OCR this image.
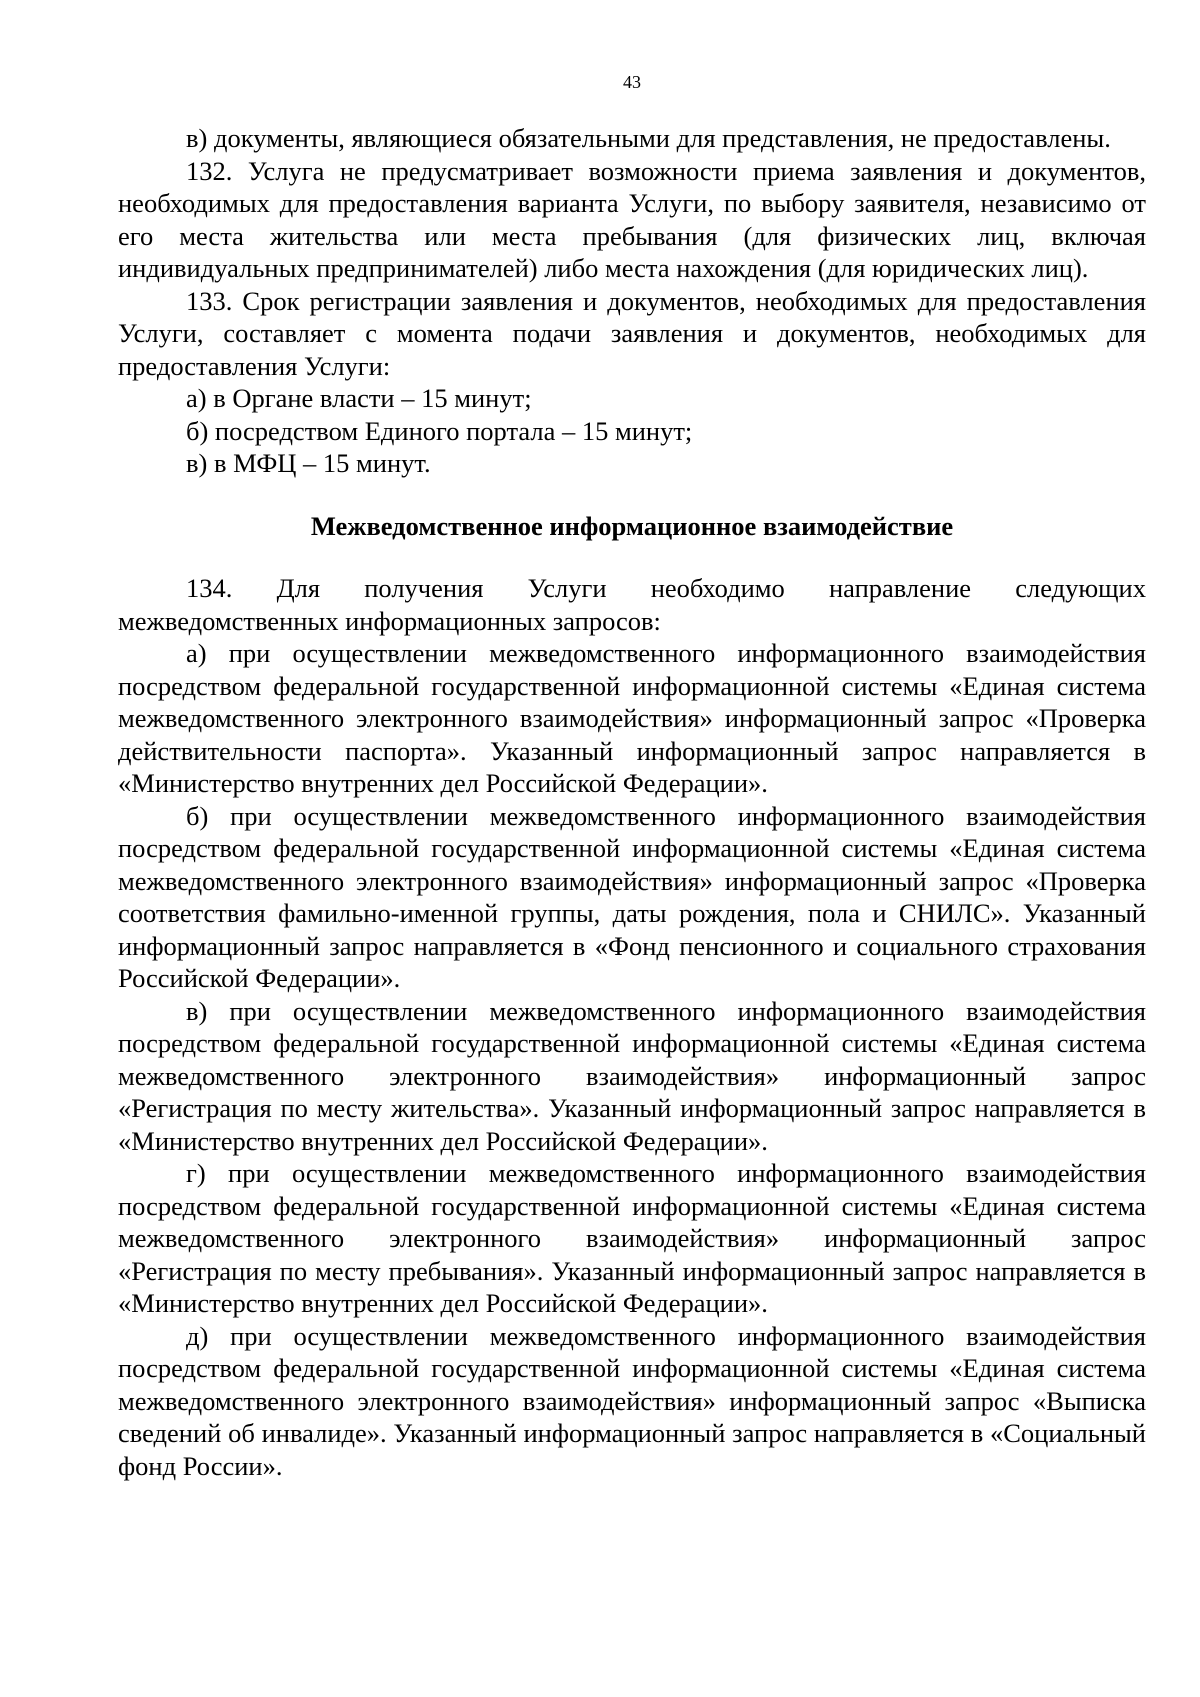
43

в) документы, являющиеся обязательными для представления, не предоставлены.

132. Услуга не предусматривает возможности приема заявления и документов, необходимых для предоставления варианта Услуги, по выбору заявителя, независимо от его места жительства или места пребывания (для физических лиц, включая индивидуальных предпринимателей) либо места нахождения (для юридических лиц).

133. Срок регистрации заявления и документов, необходимых для предоставления Услуги, составляет с момента подачи заявления и документов, необходимых для предоставления Услуги:

а) в Органе власти – 15 минут;

б) посредством Единого портала – 15 минут;

в) в МФЦ – 15 минут.

Межведомственное информационное взаимодействие

134. Для получения Услуги необходимо направление следующих межведомственных информационных запросов:

а) при осуществлении межведомственного информационного взаимодействия посредством федеральной государственной информационной системы «Единая система межведомственного электронного взаимодействия» информационный запрос «Проверка действительности паспорта». Указанный информационный запрос направляется в «Министерство внутренних дел Российской Федерации».

б) при осуществлении межведомственного информационного взаимодействия посредством федеральной государственной информационной системы «Единая система межведомственного электронного взаимодействия» информационный запрос «Проверка соответствия фамильно-именной группы, даты рождения, пола и СНИЛС». Указанный информационный запрос направляется в «Фонд пенсионного и социального страхования Российской Федерации».

в) при осуществлении межведомственного информационного взаимодействия посредством федеральной государственной информационной системы «Единая система межведомственного электронного взаимодействия» информационный запрос «Регистрация по месту жительства». Указанный информационный запрос направляется в «Министерство внутренних дел Российской Федерации».

г) при осуществлении межведомственного информационного взаимодействия посредством федеральной государственной информационной системы «Единая система межведомственного электронного взаимодействия» информационный запрос «Регистрация по месту пребывания». Указанный информационный запрос направляется в «Министерство внутренних дел Российской Федерации».

д) при осуществлении межведомственного информационного взаимодействия посредством федеральной государственной информационной системы «Единая система межведомственного электронного взаимодействия» информационный запрос «Выписка сведений об инвалиде». Указанный информационный запрос направляется в «Социальный фонд России».
